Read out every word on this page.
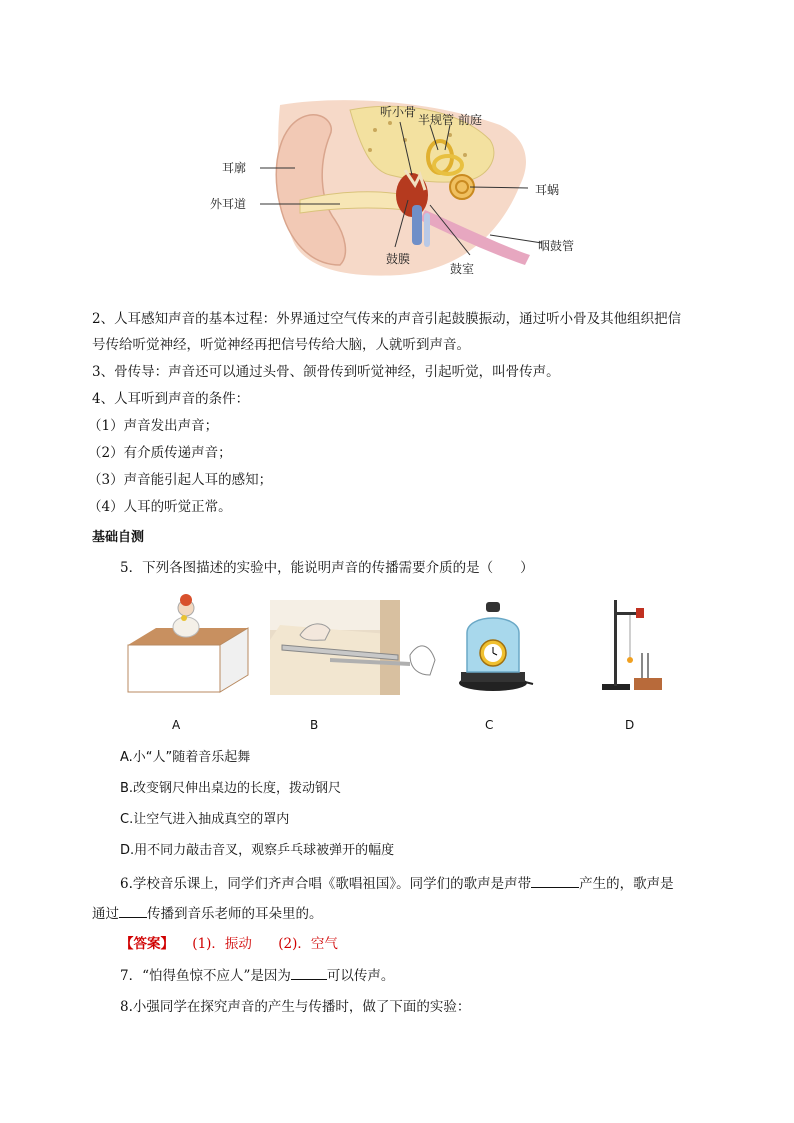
听小骨
半规管 前庭
耳廓
外耳道
耳蜗
咽鼓管
鼓膜
鼓室
2、人耳感知声音的基本过程：外界通过空气传来的声音引起鼓膜振动，通过听小骨及其他组织把信
号传给听觉神经，听觉神经再把信号传给大脑，人就听到声音。
3、骨传导：声音还可以通过头骨、颌骨传到听觉神经，引起听觉，叫骨传声。
4、人耳听到声音的条件：
（1）声音发出声音；
（2）有介质传递声音；
（3）声音能引起人耳的感知；
（4）人耳的听觉正常。
基础自测
5．下列各图描述的实验中，能说明声音的传播需要介质的是（　　）
A	B	C	D
A.小“人”随着音乐起舞
B.改变钢尺伸出桌边的长度，拨动钢尺
C.让空气进入抽成真空的罩内
D.用不同力敲击音叉，观察乒乓球被弹开的幅度
6.学校音乐课上，同学们齐声合唱《歌唱祖国》。同学们的歌声是声带	产生的，歌声是
通过 传播到音乐老师的耳朵里的。
【答案】 (1)．振动 (2)．空气
7．“怕得鱼惊不应人”是因为	可以传声。
8.小强同学在探究声音的产生与传播时，做了下面的实验：
